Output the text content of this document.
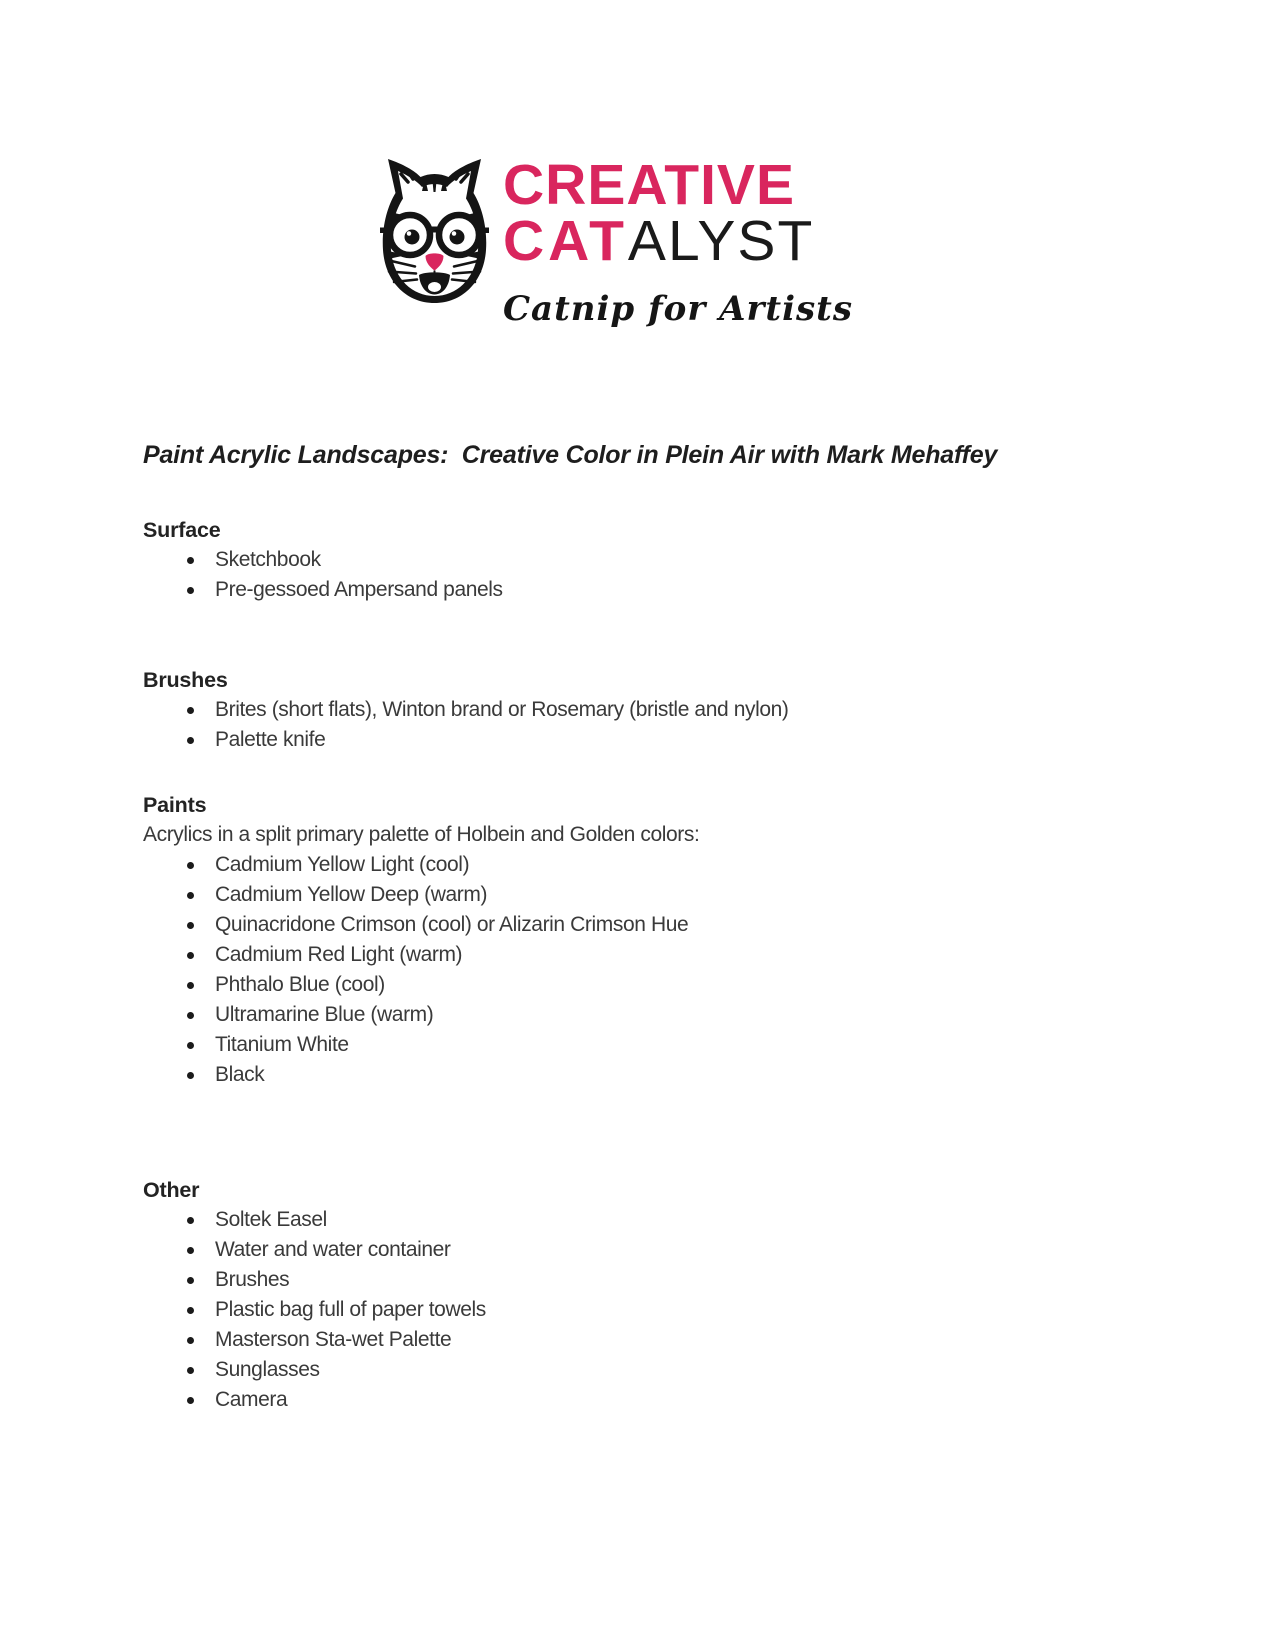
CREATIVE
CATALYST
Catnip for Artists
Paint Acrylic Landscapes:  Creative Color in Plein Air with Mark Mehaffey
Surface
Sketchbook
Pre-gessoed Ampersand panels
Brushes
Brites (short flats), Winton brand or Rosemary (bristle and nylon)
Palette knife
Paints

Acrylics in a split primary palette of Holbein and Golden colors:

Cadmium Yellow Light (cool)
Cadmium Yellow Deep (warm)
Quinacridone Crimson (cool) or Alizarin Crimson Hue
Cadmium Red Light (warm)
Phthalo Blue (cool)
Ultramarine Blue (warm)
Titanium White
Black
Other
Soltek Easel
Water and water container
Brushes
Plastic bag full of paper towels
Masterson Sta-wet Palette
Sunglasses
Camera
